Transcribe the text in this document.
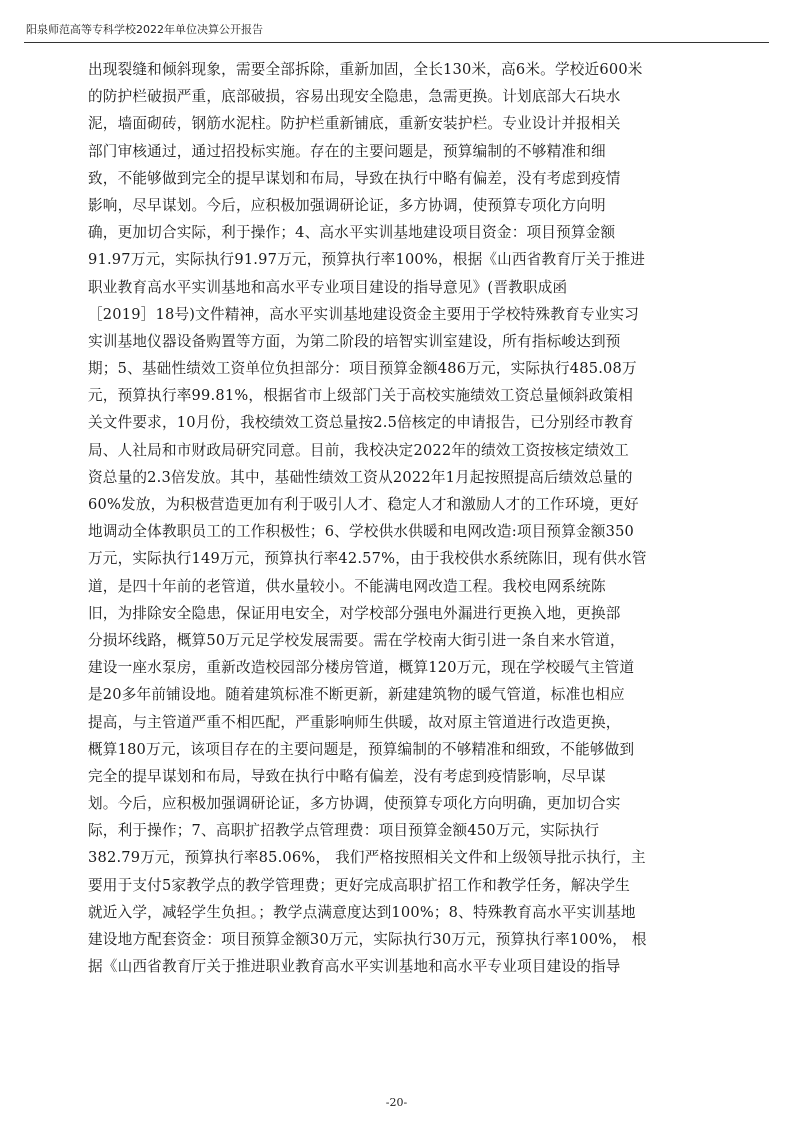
阳泉师范高等专科学校2022年单位决算公开报告
出现裂缝和倾斜现象，需要全部拆除，重新加固，全长130米，高6米。学校近600米
的防护栏破损严重，底部破损，容易出现安全隐患，急需更换。计划底部大石块水
泥，墙面砌砖，钢筋水泥柱。防护栏重新铺底，重新安装护栏。专业设计并报相关
部门审核通过，通过招投标实施。存在的主要问题是，预算编制的不够精准和细
致，不能够做到完全的提早谋划和布局，导致在执行中略有偏差，没有考虑到疫情
影响，尽早谋划。今后，应积极加强调研论证，多方协调，使预算专项化方向明
确，更加切合实际，利于操作；4、高水平实训基地建设项目资金：项目预算金额
91.97万元，实际执行91.97万元，预算执行率100%，根据《山西省教育厅关于推进
职业教育高水平实训基地和高水平专业项目建设的指导意见》(晋教职成函
［2019］18号)文件精神，高水平实训基地建设资金主要用于学校特殊教育专业实习
实训基地仪器设备购置等方面，为第二阶段的培智实训室建设，所有指标峻达到预
期；5、基础性绩效工资单位负担部分：项目预算金额486万元，实际执行485.08万
元，预算执行率99.81%，根据省市上级部门关于高校实施绩效工资总量倾斜政策相
关文件要求，10月份，我校绩效工资总量按2.5倍核定的申请报告，已分别经市教育
局、人社局和市财政局研究同意。目前，我校决定2022年的绩效工资按核定绩效工
资总量的2.3倍发放。其中，基础性绩效工资从2022年1月起按照提高后绩效总量的
60%发放，为积极营造更加有利于吸引人才、稳定人才和激励人才的工作环境，更好
地调动全体教职员工的工作积极性；6、学校供水供暖和电网改造:项目预算金额350
万元，实际执行149万元，预算执行率42.57%，由于我校供水系统陈旧，现有供水管
道，是四十年前的老管道，供水量较小。不能满电网改造工程。我校电网系统陈
旧，为排除安全隐患，保证用电安全，对学校部分强电外漏进行更换入地，更换部
分损坏线路，概算50万元足学校发展需要。需在学校南大街引进一条自来水管道，
建设一座水泵房，重新改造校园部分楼房管道，概算120万元，现在学校暖气主管道
是20多年前铺设地。随着建筑标准不断更新，新建建筑物的暖气管道，标准也相应
提高，与主管道严重不相匹配，严重影响师生供暖，故对原主管道进行改造更换，
概算180万元，该项目存在的主要问题是，预算编制的不够精准和细致，不能够做到
完全的提早谋划和布局，导致在执行中略有偏差，没有考虑到疫情影响，尽早谋
划。今后，应积极加强调研论证，多方协调，使预算专项化方向明确，更加切合实
际，利于操作；7、高职扩招教学点管理费：项目预算金额450万元，实际执行
382.79万元，预算执行率85.06%， 我们严格按照相关文件和上级领导批示执行，主
要用于支付5家教学点的教学管理费；更好完成高职扩招工作和教学任务，解决学生
就近入学，减轻学生负担。；教学点满意度达到100%；8、特殊教育高水平实训基地
建设地方配套资金：项目预算金额30万元，实际执行30万元，预算执行率100%， 根
据《山西省教育厅关于推进职业教育高水平实训基地和高水平专业项目建设的指导
-20-
